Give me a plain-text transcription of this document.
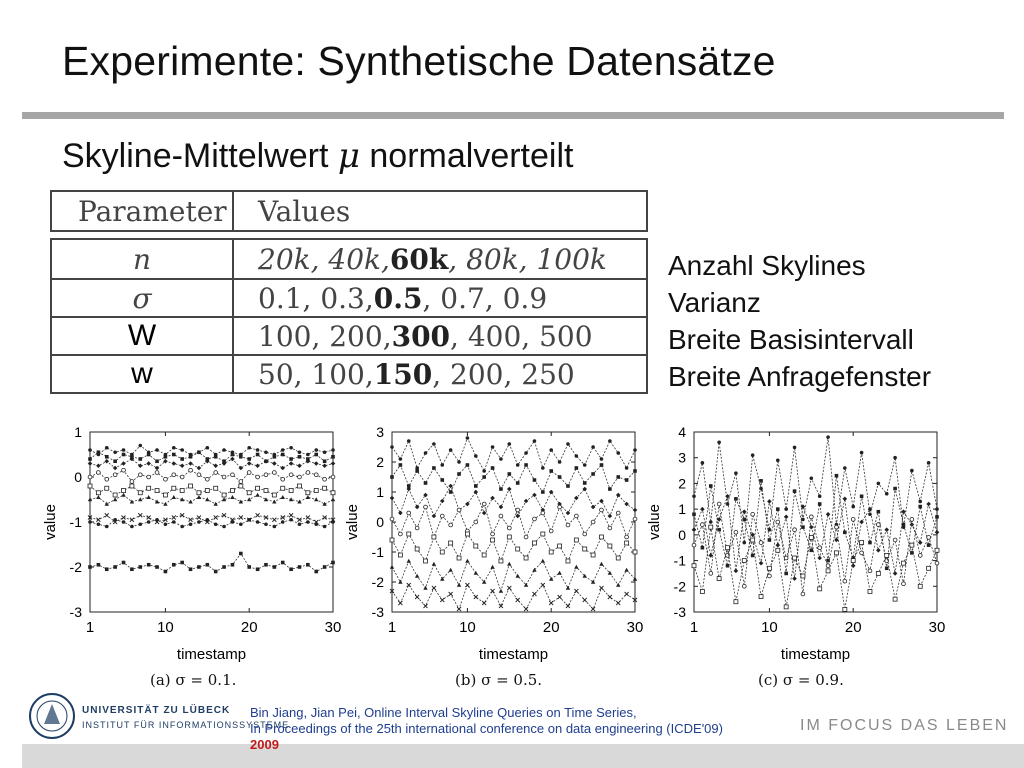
Experimente: Synthetische Datensätze
Skyline-Mittelwert μ normalverteilt
Parameter	Values
n	20k, 40k, 60k , 80k, 100k
σ	0.1, 0.3, 0.5 , 0.7, 0.9
W	100, 200, 300 , 400, 500
w	50, 100, 150 , 200, 250
Anzahl Skylines
Varianz
Breite Basisintervall
Breite Anfragefenster
1
0
-1
-2
-3
1	10	20	30
timestamp
value
3
2
1
0
-1
-2
-3
1	10	20	30
timestamp
value
4
3
2
1
0
-1
-2
-3
1	10	20	30
timestamp
value
(a) σ = 0.1.	(b) σ = 0.5.	(c) σ = 0.9.
UNIVERSITÄT ZU LÜBECK
INSTITUT FÜR INFORMATIONSSYSTEME
Bin Jiang, Jian Pei, Online Interval Skyline Queries on Time Series,
In Proceedings of the 25th international conference on data engineering (ICDE'09)
2009
IM FOCUS DAS LEBEN
